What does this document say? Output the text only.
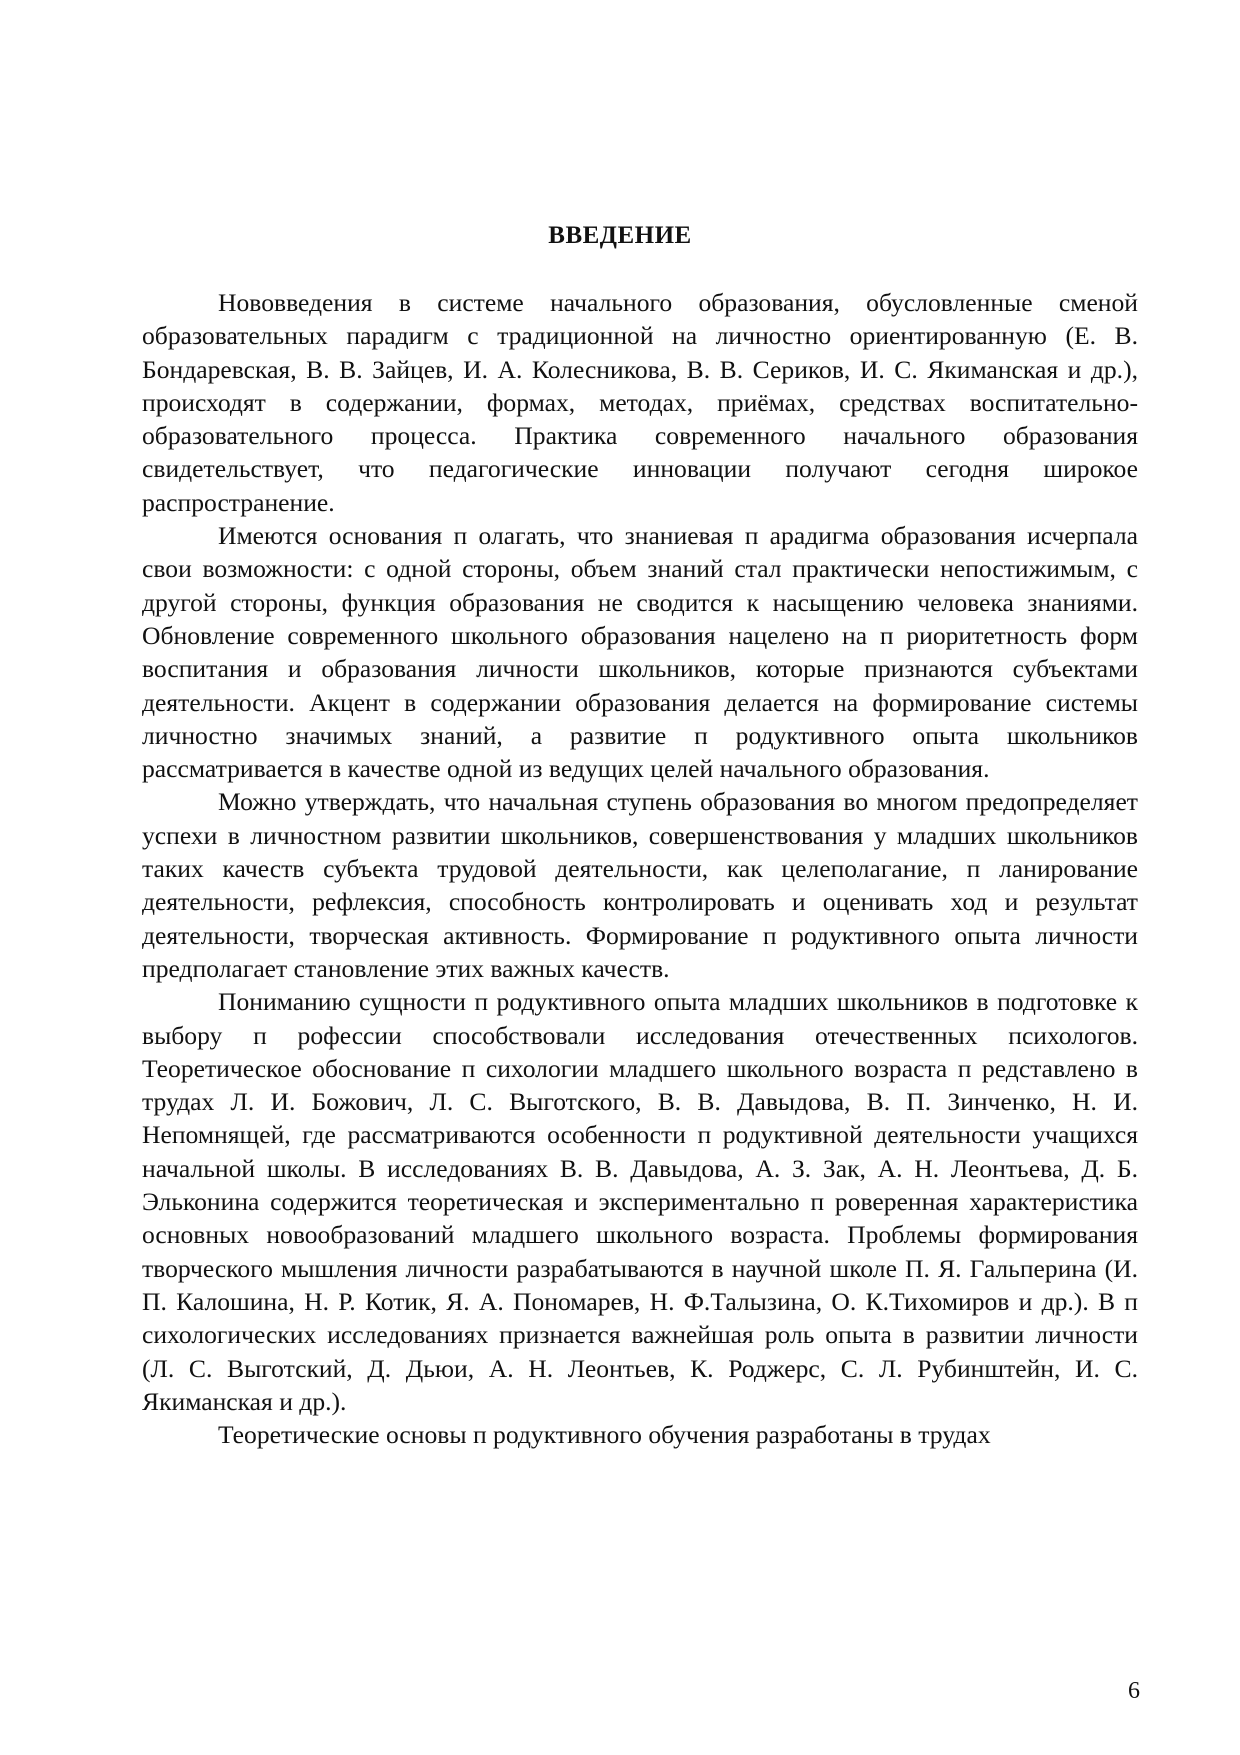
ВВЕДЕНИЕ

Нововведения в системе начального образования, обусловленные сменой образовательных парадигм с традиционной на личностно ориентированную (Е. В. Бондаревская, В. В. Зайцев, И. А. Колесникова, В. В. Сериков, И. С. Якиманская и др.), происходят в содержании, формах, методах, приёмах, средствах воспитательно-образовательного процесса. Практика современного начального образования свидетельствует, что педагогические инновации получают сегодня широкое распространение.

Имеются основания п олагать, что знаниевая п арадигма образования исчерпала свои возможности: с одной стороны, объем знаний стал практически непостижимым, с другой стороны, функция образования не сводится к насыщению человека знаниями. Обновление современного школьного образования нацелено на п риоритетность форм воспитания и образования личности школьников, которые признаются субъектами деятельности. Акцент в содержании образования делается на формирование системы личностно значимых знаний, а развитие п родуктивного опыта школьников рассматривается в качестве одной из ведущих целей начального образования.

Можно утверждать, что начальная ступень образования во многом предопределяет успехи в личностном развитии школьников, совершенствования у младших школьников таких качеств субъекта трудовой деятельности, как целеполагание, п ланирование деятельности, рефлексия, способность контролировать и оценивать ход и результат деятельности, творческая активность. Формирование п родуктивного опыта личности предполагает становление этих важных качеств.

Пониманию сущности п родуктивного опыта младших школьников в подготовке к выбору п рофессии способствовали исследования отечественных психологов. Теоретическое обоснование п сихологии младшего школьного возраста п редставлено в трудах Л. И. Божович, Л. С. Выготского, В. В. Давыдова, В. П. Зинченко, Н. И. Непомнящей, где рассматриваются особенности п родуктивной деятельности учащихся начальной школы. В исследованиях В. В. Давыдова, А. З. Зак, А. Н. Леонтьева, Д. Б. Эльконина содержится теоретическая и экспериментально п роверенная характеристика основных новообразований младшего школьного возраста. Проблемы формирования творческого мышления личности разрабатываются в научной школе П. Я. Гальперина (И. П. Калошина, Н. Р. Котик, Я. А. Пономарев, Н. Ф.Талызина, О. К.Тихомиров и др.). В п сихологических исследованиях признается важнейшая роль опыта в развитии личности (Л. С. Выготский, Д. Дьюи, А. Н. Леонтьев, К. Роджерс, С. Л. Рубинштейн, И. С. Якиманская и др.).

Теоретические основы п родуктивного обучения разработаны в трудах

6
